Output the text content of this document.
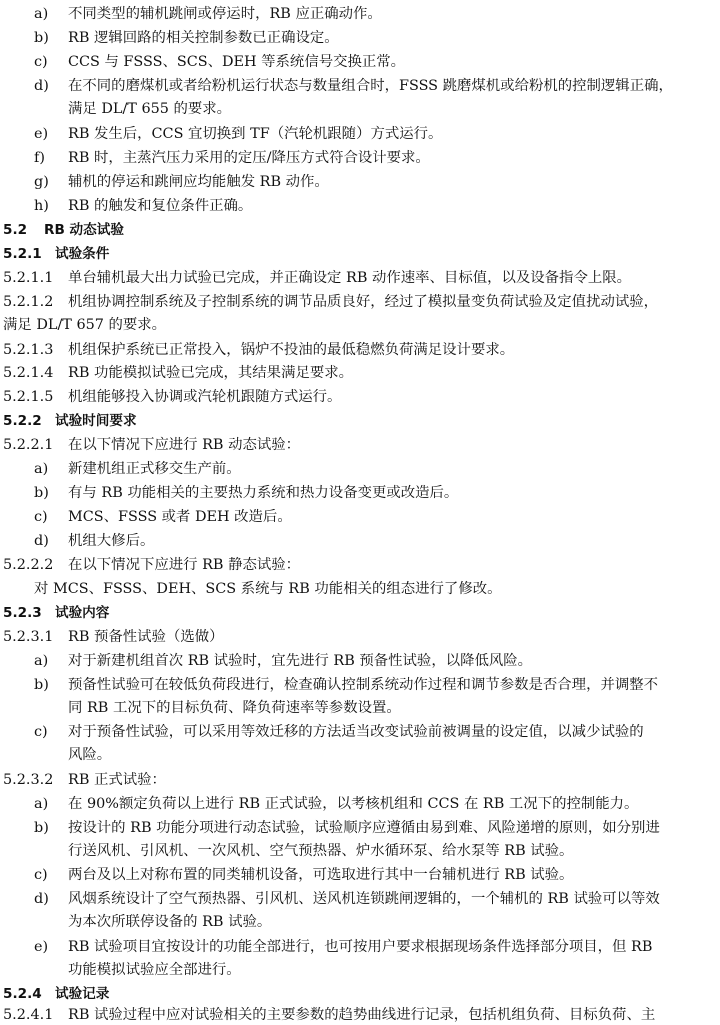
a) 不同类型的辅机跳闸或停运时，RB 应正确动作。
b) RB 逻辑回路的相关控制参数已正确设定。
c) CCS 与 FSSS、SCS、DEH 等系统信号交换正常。
d) 在不同的磨煤机或者给粉机运行状态与数量组合时，FSSS 跳磨煤机或给粉机的控制逻辑正确，
满足 DL/T 655 的要求。
e) RB 发生后，CCS 宜切换到 TF（汽轮机跟随）方式运行。
f) RB 时，主蒸汽压力采用的定压/降压方式符合设计要求。
g) 辅机的停运和跳闸应均能触发 RB 动作。
h) RB 的触发和复位条件正确。
5.2 RB 动态试验
5.2.1 试验条件
5.2.1.1 单台辅机最大出力试验已完成，并正确设定 RB 动作速率、目标值，以及设备指令上限。
5.2.1.2 机组协调控制系统及子控制系统的调节品质良好，经过了模拟量变负荷试验及定值扰动试验，
满足 DL/T 657 的要求。
5.2.1.3 机组保护系统已正常投入，锅炉不投油的最低稳燃负荷满足设计要求。
5.2.1.4 RB 功能模拟试验已完成，其结果满足要求。
5.2.1.5 机组能够投入协调或汽轮机跟随方式运行。
5.2.2 试验时间要求
5.2.2.1 在以下情况下应进行 RB 动态试验：
a) 新建机组正式移交生产前。
b) 有与 RB 功能相关的主要热力系统和热力设备变更或改造后。
c) MCS、FSSS 或者 DEH 改造后。
d) 机组大修后。
5.2.2.2 在以下情况下应进行 RB 静态试验：
对 MCS、FSSS、DEH、SCS 系统与 RB 功能相关的组态进行了修改。
5.2.3 试验内容
5.2.3.1 RB 预备性试验（选做）
a) 对于新建机组首次 RB 试验时，宜先进行 RB 预备性试验，以降低风险。
b) 预备性试验可在较低负荷段进行，检查确认控制系统动作过程和调节参数是否合理，并调整不
同 RB 工况下的目标负荷、降负荷速率等参数设置。
c) 对于预备性试验，可以采用等效迁移的方法适当改变试验前被调量的设定值，以减少试验的
风险。
5.2.3.2 RB 正式试验：
a) 在 90%额定负荷以上进行 RB 正式试验，以考核机组和 CCS 在 RB 工况下的控制能力。
b) 按设计的 RB 功能分项进行动态试验，试验顺序应遵循由易到难、风险递增的原则，如分别进
行送风机、引风机、一次风机、空气预热器、炉水循环泵、给水泵等 RB 试验。
c) 两台及以上对称布置的同类辅机设备，可选取进行其中一台辅机进行 RB 试验。
d) 风烟系统设计了空气预热器、引风机、送风机连锁跳闸逻辑的，一个辅机的 RB 试验可以等效
为本次所联停设备的 RB 试验。
e) RB 试验项目宜按设计的功能全部进行，也可按用户要求根据现场条件选择部分项目，但 RB
功能模拟试验应全部进行。
5.2.4 试验记录
5.2.4.1 RB 试验过程中应对试验相关的主要参数的趋势曲线进行记录，包括机组负荷、目标负荷、主
